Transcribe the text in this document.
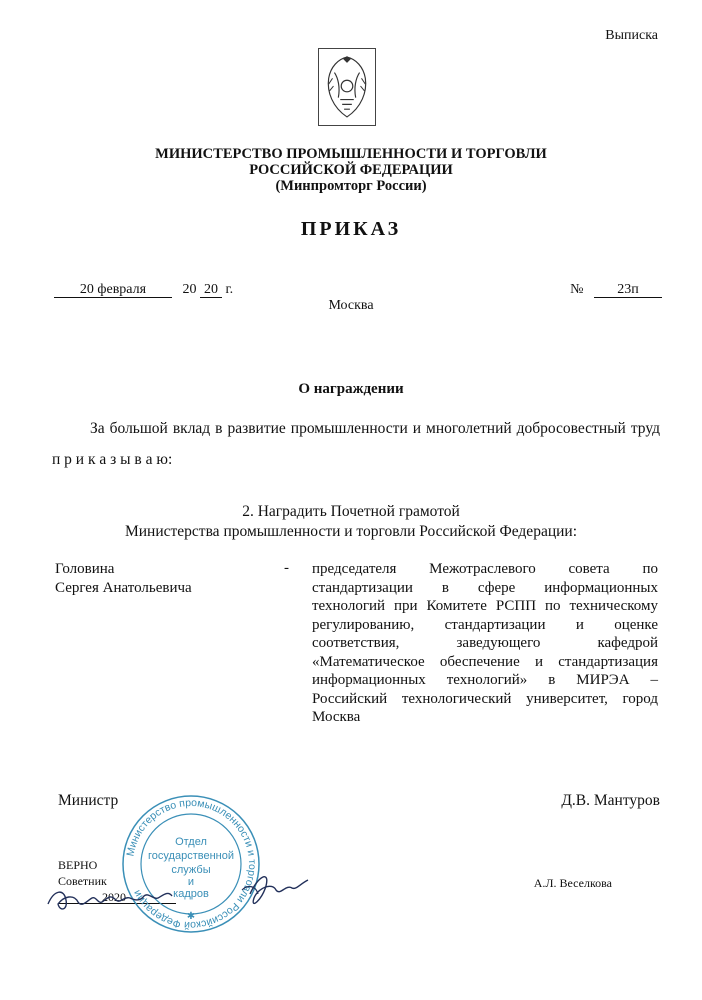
Выписка
МИНИСТЕРСТВО ПРОМЫШЛЕННОСТИ И ТОРГОВЛИ
РОССИЙСКОЙ ФЕДЕРАЦИИ
(Минпромторг России)
ПРИКАЗ
20 февраля	20 20 г.	№ 23п
Москва
О награждении
За большой вклад в развитие промышленности и многолетний добросовестный труд п р и к а з ы в а ю:
2. Наградить Почетной грамотой
Министерства промышленности и торговли Российской Федерации:
Головина
Сергея Анатольевича
- председателя Межотраслевого совета по стандартизации в сфере информационных технологий при Комитете РСПП по техническому регулированию, стандартизации и оценке соответствия, заведующего кафедрой «Математическое обеспечение и стандартизация информационных технологий» в МИРЭА – Российский технологический университет, город Москва
Министр	Д.В. Мантуров
ВЕРНО
Советник
2020
А.Л. Веселкова
Министерство промышленности и торговли Российской Федерации
Отдел
государственной
службы
и
кадров
✱
